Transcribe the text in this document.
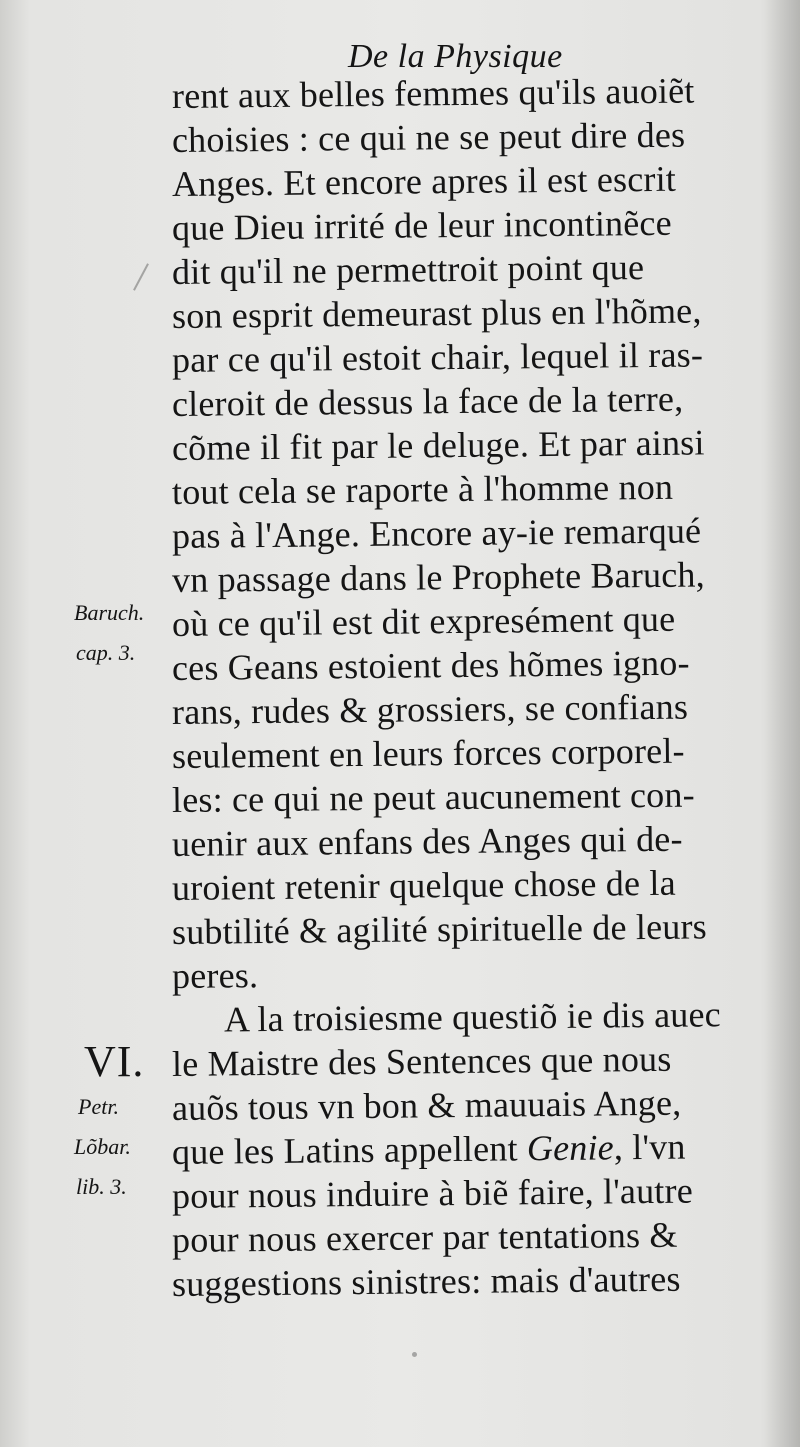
De la Physique
rent aux belles femmes qu'ils auoiẽt
choisies : ce qui ne se peut dire des
Anges. Et encore apres il est escrit
que Dieu irrité de leur incontinẽce
dit qu'il ne permettroit point que
son esprit demeurast plus en l'hõme,
par ce qu'il estoit chair, lequel il ras-
cleroit de dessus la face de la terre,
cõme il fit par le deluge. Et par ainsi
tout cela se raporte à l'homme non
pas à l'Ange. Encore ay-ie remarqué
vn passage dans le Prophete Baruch,
où ce qu'il est dit expresément que
ces Geans estoient des hõmes igno-
rans, rudes & grossiers, se confians
seulement en leurs forces corporel-
les: ce qui ne peut aucunement con-
uenir aux enfans des Anges qui de-
uroient retenir quelque chose de la
subtilité & agilité spirituelle de leurs
peres.
A la troisiesme questiõ ie dis auec
le Maistre des Sentences que nous
auõs tous vn bon & mauuais Ange,
que les Latins appellent Genie, l'vn
pour nous induire à biẽ faire, l'autre
pour nous exercer par tentations &
suggestions sinistres: mais d'autres
Baruch.
cap. 3.
VI.
Petr.
Lõbar.
lib. 3.
